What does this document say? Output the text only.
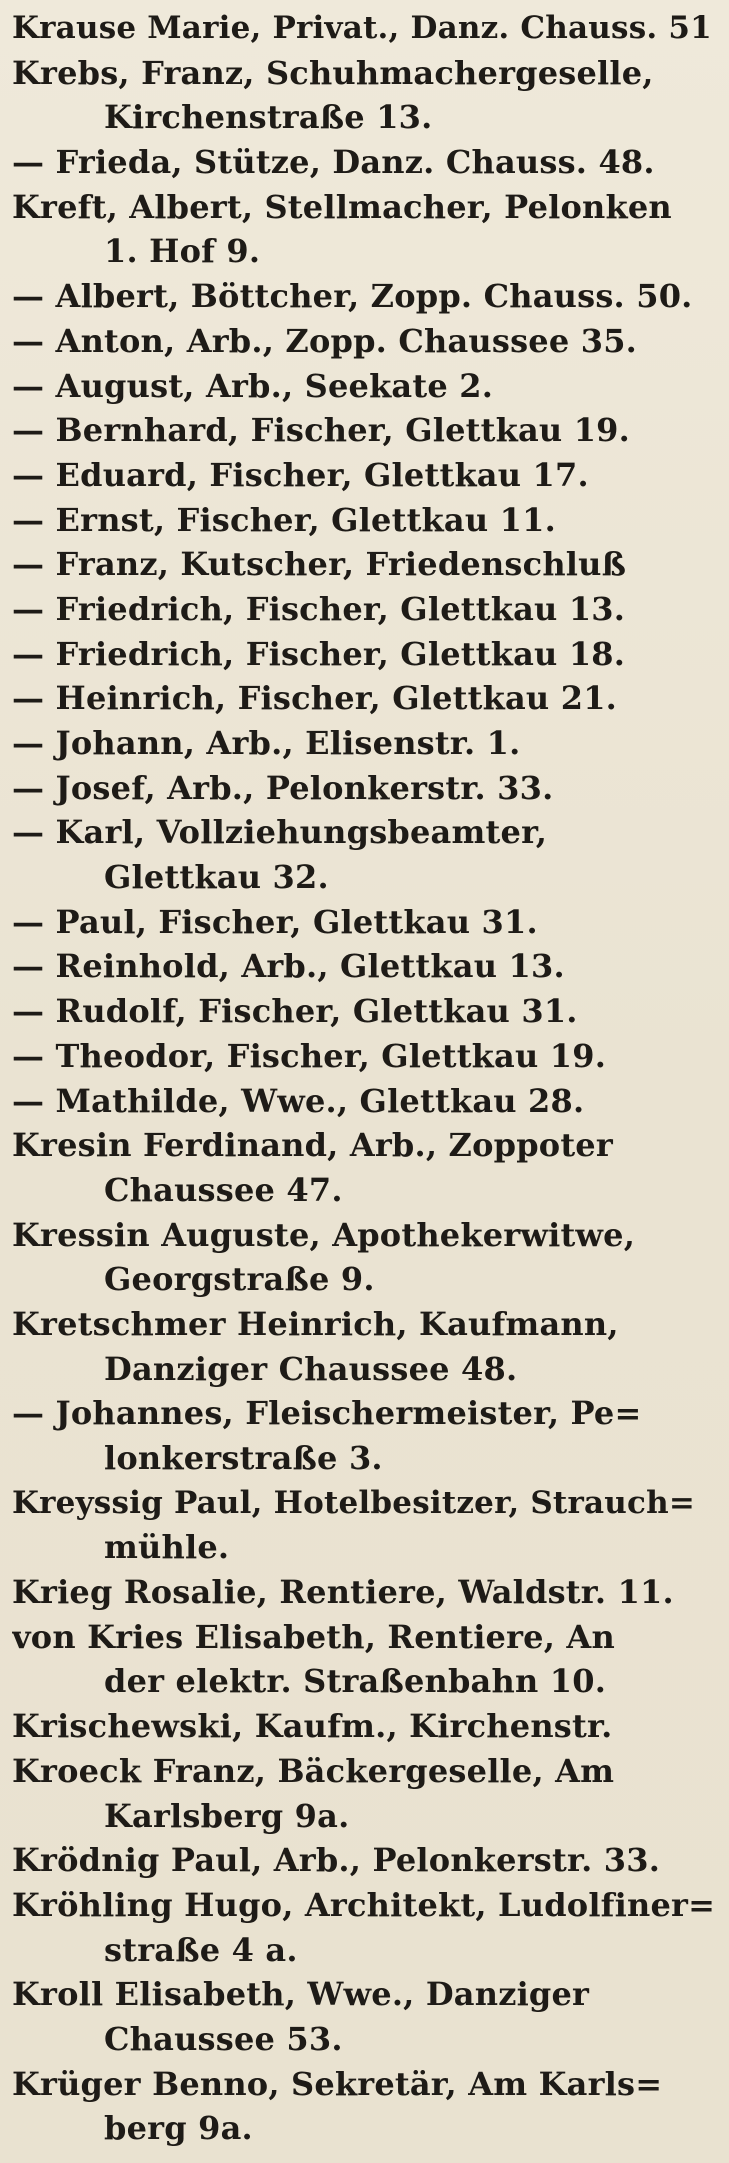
Krause Marie, Privat., Danz. Chauss. 51
Krebs, Franz, Schuhmachergeselle,
Kirchenstraße 13.
— Frieda, Stütze, Danz. Chauss. 48.
Kreft, Albert, Stellmacher, Pelonken
1. Hof 9.
— Albert, Böttcher, Zopp. Chauss. 50.
— Anton, Arb., Zopp. Chaussee 35.
— August, Arb., Seekate 2.
— Bernhard, Fischer, Glettkau 19.
— Eduard, Fischer, Glettkau 17.
— Ernst, Fischer, Glettkau 11.
— Franz, Kutscher, Friedenschluß
— Friedrich, Fischer, Glettkau 13.
— Friedrich, Fischer, Glettkau 18.
— Heinrich, Fischer, Glettkau 21.
— Johann, Arb., Elisenstr. 1.
— Josef, Arb., Pelonkerstr. 33.
— Karl, Vollziehungsbeamter,
Glettkau 32.
— Paul, Fischer, Glettkau 31.
— Reinhold, Arb., Glettkau 13.
— Rudolf, Fischer, Glettkau 31.
— Theodor, Fischer, Glettkau 19.
— Mathilde, Wwe., Glettkau 28.
Kresin Ferdinand, Arb., Zoppoter
Chaussee 47.
Kressin Auguste, Apothekerwitwe,
Georgstraße 9.
Kretschmer Heinrich, Kaufmann,
Danziger Chaussee 48.
— Johannes, Fleischermeister, Pe=
lonkerstraße 3.
Kreyssig Paul, Hotelbesitzer, Strauch=
mühle.
Krieg Rosalie, Rentiere, Waldstr. 11.
von Kries Elisabeth, Rentiere, An
der elektr. Straßenbahn 10.
Krischewski, Kaufm., Kirchenstr.
Kroeck Franz, Bäckergeselle, Am
Karlsberg 9a.
Krödnig Paul, Arb., Pelonkerstr. 33.
Kröhling Hugo, Architekt, Ludolfiner=
straße 4 a.
Kroll Elisabeth, Wwe., Danziger
Chaussee 53.
Krüger Benno, Sekretär, Am Karls=
berg 9a.
